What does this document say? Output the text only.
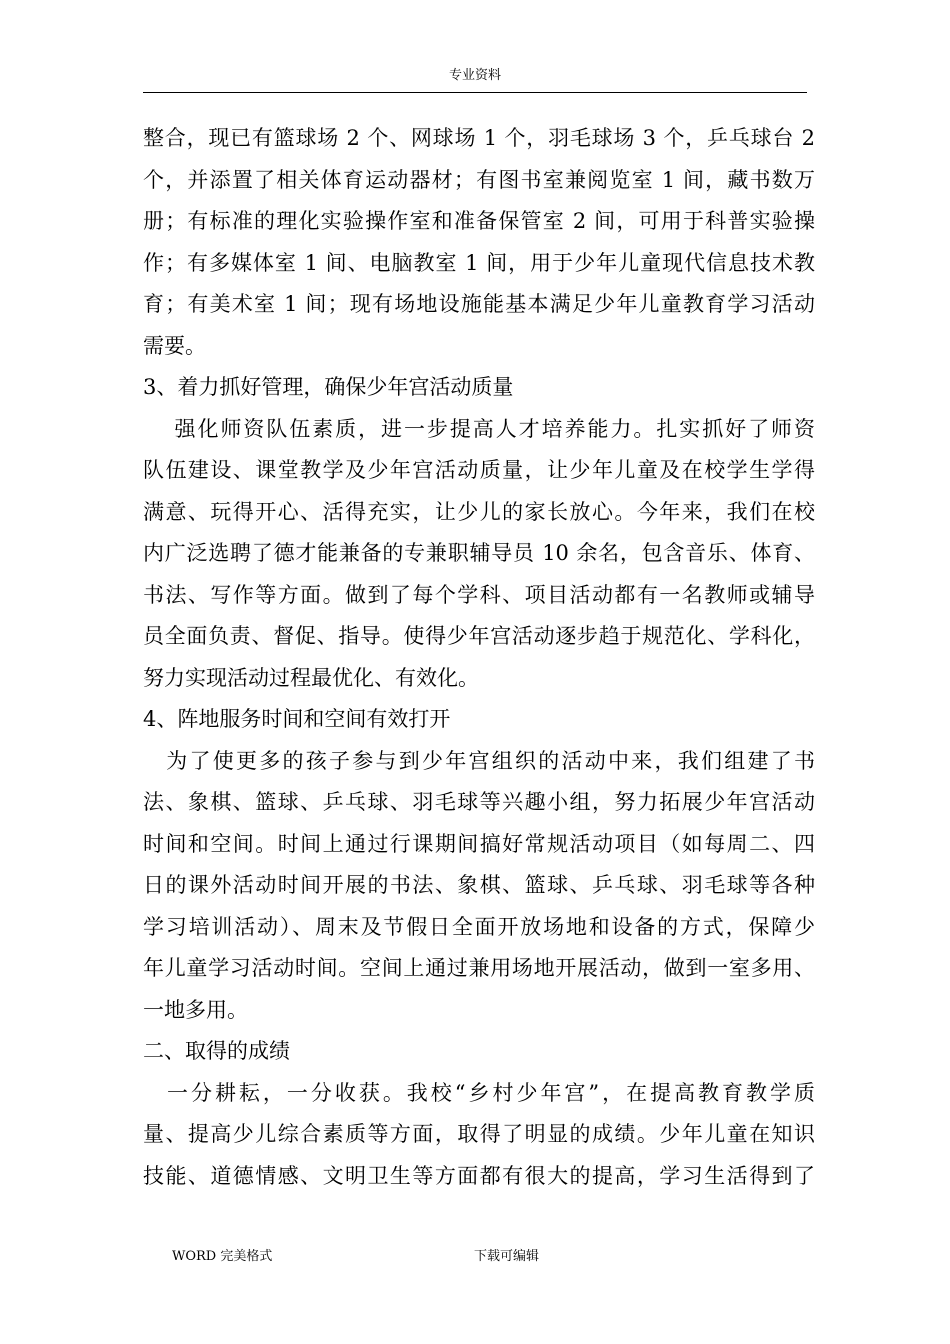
专业资料
整合，现已有篮球场 2 个、网球场 1 个，羽毛球场 3 个，乒乓球台 2
个，并添置了相关体育运动器材；有图书室兼阅览室 1 间，藏书数万
册；有标准的理化实验操作室和准备保管室 2 间，可用于科普实验操
作；有多媒体室 1 间、电脑教室 1 间，用于少年儿童现代信息技术教
育；有美术室 1 间；现有场地设施能基本满足少年儿童教育学习活动
需要。
3、着力抓好管理，确保少年宫活动质量
　 强化师资队伍素质，进一步提高人才培养能力。扎实抓好了师资
队伍建设、课堂教学及少年宫活动质量，让少年儿童及在校学生学得
满意、玩得开心、活得充实，让少儿的家长放心。今年来，我们在校
内广泛选聘了德才能兼备的专兼职辅导员 10 余名，包含音乐、体育、
书法、写作等方面。做到了每个学科、项目活动都有一名教师或辅导
员全面负责、督促、指导。使得少年宫活动逐步趋于规范化、学科化，
努力实现活动过程最优化、有效化。
4、阵地服务时间和空间有效打开
　为了使更多的孩子参与到少年宫组织的活动中来，我们组建了书
法、象棋、篮球、乒乓球、羽毛球等兴趣小组，努力拓展少年宫活动
时间和空间。时间上通过行课期间搞好常规活动项目（如每周二、四
日的课外活动时间开展的书法、象棋、篮球、乒乓球、羽毛球等各种
学习培训活动）、周末及节假日全面开放场地和设备的方式，保障少
年儿童学习活动时间。空间上通过兼用场地开展活动，做到一室多用、
一地多用。
二、取得的成绩
　一分耕耘，一分收获。我校“乡村少年宫”，在提高教育教学质
量、提高少儿综合素质等方面，取得了明显的成绩。少年儿童在知识
技能、道德情感、文明卫生等方面都有很大的提高，学习生活得到了
WORD 完美格式	下载可编辑
